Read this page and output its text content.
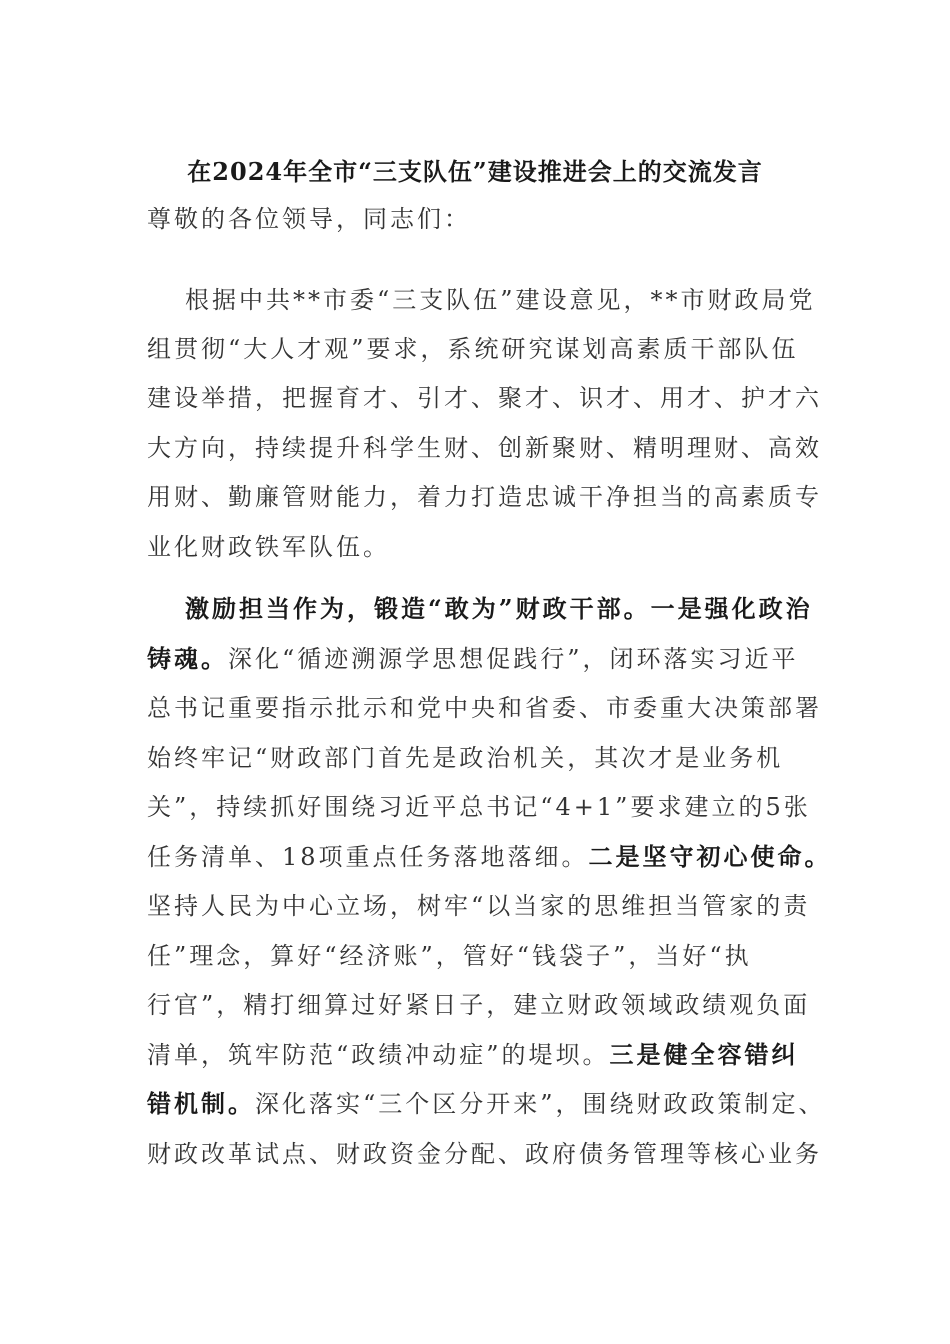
在2024年全市“三支队伍”建设推进会上的交流发言
尊敬的各位领导，同志们：
根据中共**市委“三支队伍”建设意见，**市财政局党
组贯彻“大人才观”要求，系统研究谋划高素质干部队伍
建设举措，把握育才、引才、聚才、识才、用才、护才六
大方向，持续提升科学生财、创新聚财、精明理财、高效
用财、勤廉管财能力，着力打造忠诚干净担当的高素质专
业化财政铁军队伍。
激励担当作为，锻造“敢为”财政干部。一是强化政治
铸魂。深化“循迹溯源学思想促践行”，闭环落实习近平
总书记重要指示批示和党中央和省委、市委重大决策部署
始终牢记“财政部门首先是政治机关，其次才是业务机
关”，持续抓好围绕习近平总书记“4+1”要求建立的5张
任务清单、18项重点任务落地落细。二是坚守初心使命。
坚持人民为中心立场，树牢“以当家的思维担当管家的责
任”理念，算好“经济账”，管好“钱袋子”，当好“执
行官”，精打细算过好紧日子，建立财政领域政绩观负面
清单，筑牢防范“政绩冲动症”的堤坝。三是健全容错纠
错机制。深化落实“三个区分开来”，围绕财政政策制定、
财政改革试点、财政资金分配、政府债务管理等核心业务
